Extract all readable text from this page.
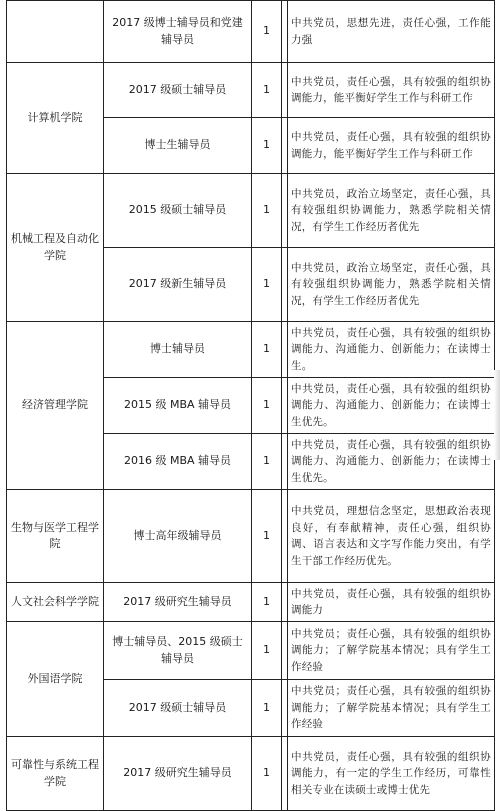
	2017 级博士辅导员和党建辅导员	1		中共党员，思想先进，责任心强，工作能力强
计算机学院	2017 级硕士辅导员	1		中共党员，责任心强，具有较强的组织协调能力，能平衡好学生工作与科研工作
	博士生辅导员	1		中共党员，责任心强，具有较强的组织协调能力，能平衡好学生工作与科研工作
机械工程及自动化学院	2015 级硕士辅导员	1		中共党员，政治立场坚定，责任心强，具有较强组织协调能力，熟悉学院相关情况，有学生工作经历者优先
	2017 级新生辅导员	1		中共党员，政治立场坚定，责任心强，具有较强组织协调能力，熟悉学院相关情况，有学生工作经历者优先
经济管理学院	博士辅导员	1		中共党员，责任心强，具有较强的组织协调能力、沟通能力、创新能力；在读博士生。
	2015 级 MBA 辅导员	1		中共党员，责任心强，具有较强的组织协调能力、沟通能力、创新能力；在读博士生优先。
	2016 级 MBA 辅导员	1		中共党员，责任心强，具有较强的组织协调能力、沟通能力、创新能力；在读博士生优先。
生物与医学工程学院	博士高年级辅导员	1		中共党员，理想信念坚定，思想政治表现良好，有奉献精神，责任心强，组织协调、语言表达和文字写作能力突出，有学生干部工作经历优先。
人文社会科学学院	2017 级研究生辅导员	1		中共党员，责任心强，具有较强的组织协调能力
外国语学院	博士辅导员、2015 级硕士辅导员	1		中共党员；责任心强，具有较强的组织协调能力；了解学院基本情况；具有学生工作经验
	2017 级硕士辅导员	1		中共党员；责任心强，具有较强的组织协调能力；了解学院基本情况；具有学生工作经验
可靠性与系统工程学院	2017 级研究生辅导员	1		中共党员，责任心强，具有较强的组织协调能力，有一定的学生工作经历，可靠性相关专业在读硕士或博士优先
